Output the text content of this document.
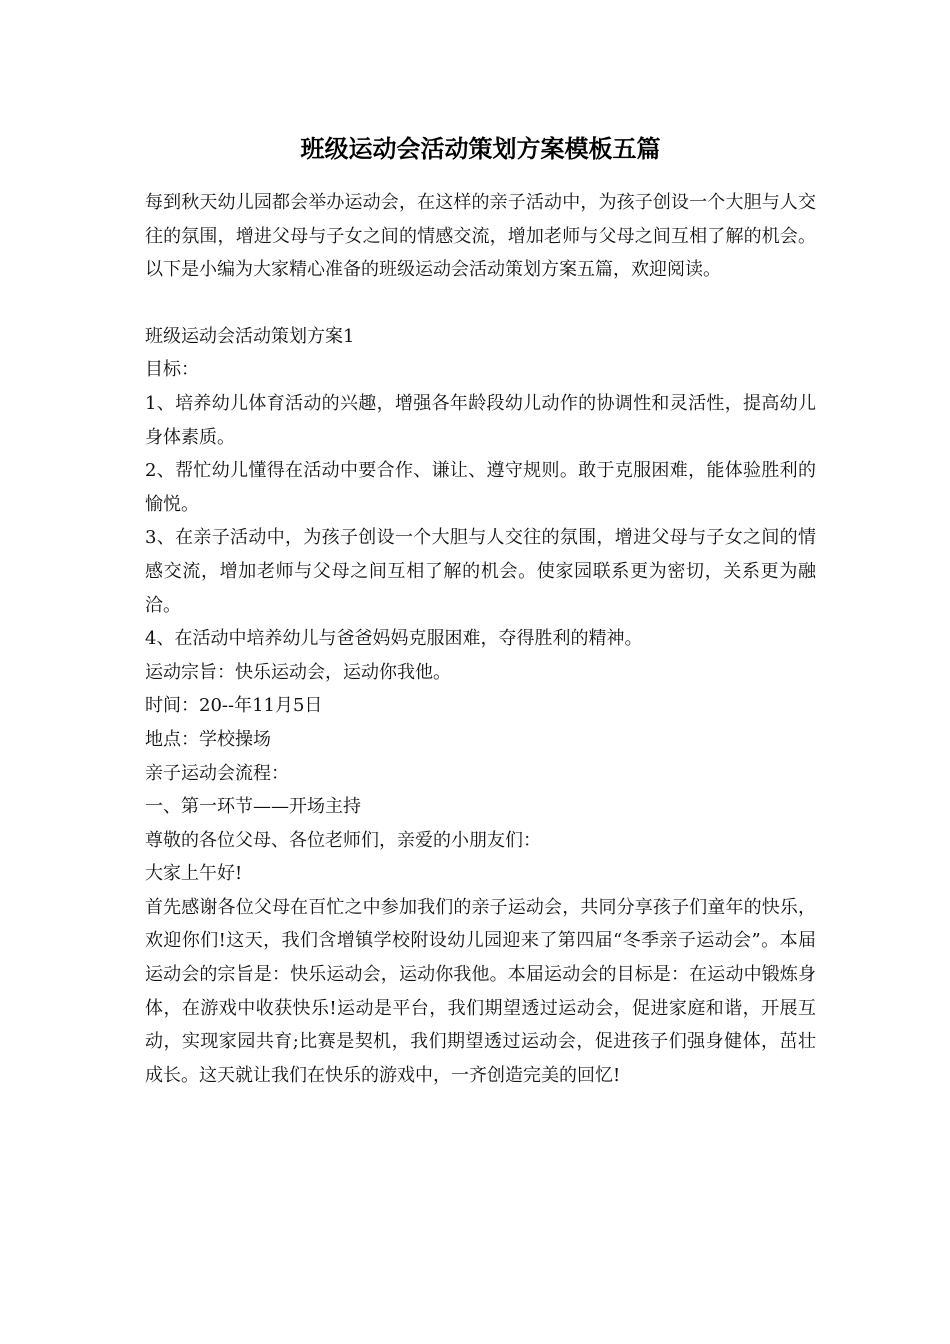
班级运动会活动策划方案模板五篇

每到秋天幼儿园都会举办运动会，在这样的亲子活动中，为孩子创设一个大胆与人交往的氛围，增进父母与子女之间的情感交流，增加老师与父母之间互相了解的机会。以下是小编为大家精心准备的班级运动会活动策划方案五篇，欢迎阅读。

班级运动会活动策划方案1

目标：

1、培养幼儿体育活动的兴趣，增强各年龄段幼儿动作的协调性和灵活性，提高幼儿身体素质。

2、帮忙幼儿懂得在活动中要合作、谦让、遵守规则。敢于克服困难，能体验胜利的愉悦。

3、在亲子活动中，为孩子创设一个大胆与人交往的氛围，增进父母与子女之间的情感交流，增加老师与父母之间互相了解的机会。使家园联系更为密切，关系更为融洽。

4、在活动中培养幼儿与爸爸妈妈克服困难，夺得胜利的精神。

运动宗旨：快乐运动会，运动你我他。

时间：20--年11月5日

地点：学校操场

亲子运动会流程：

一、第一环节——开场主持

尊敬的各位父母、各位老师们，亲爱的小朋友们：

大家上午好!

首先感谢各位父母在百忙之中参加我们的亲子运动会，共同分享孩子们童年的快乐，欢迎你们!这天，我们含增镇学校附设幼儿园迎来了第四届“冬季亲子运动会”。本届运动会的宗旨是：快乐运动会，运动你我他。本届运动会的目标是：在运动中锻炼身体，在游戏中收获快乐!运动是平台，我们期望透过运动会，促进家庭和谐，开展互动，实现家园共育;比赛是契机，我们期望透过运动会，促进孩子们强身健体，茁壮成长。这天就让我们在快乐的游戏中，一齐创造完美的回忆!
